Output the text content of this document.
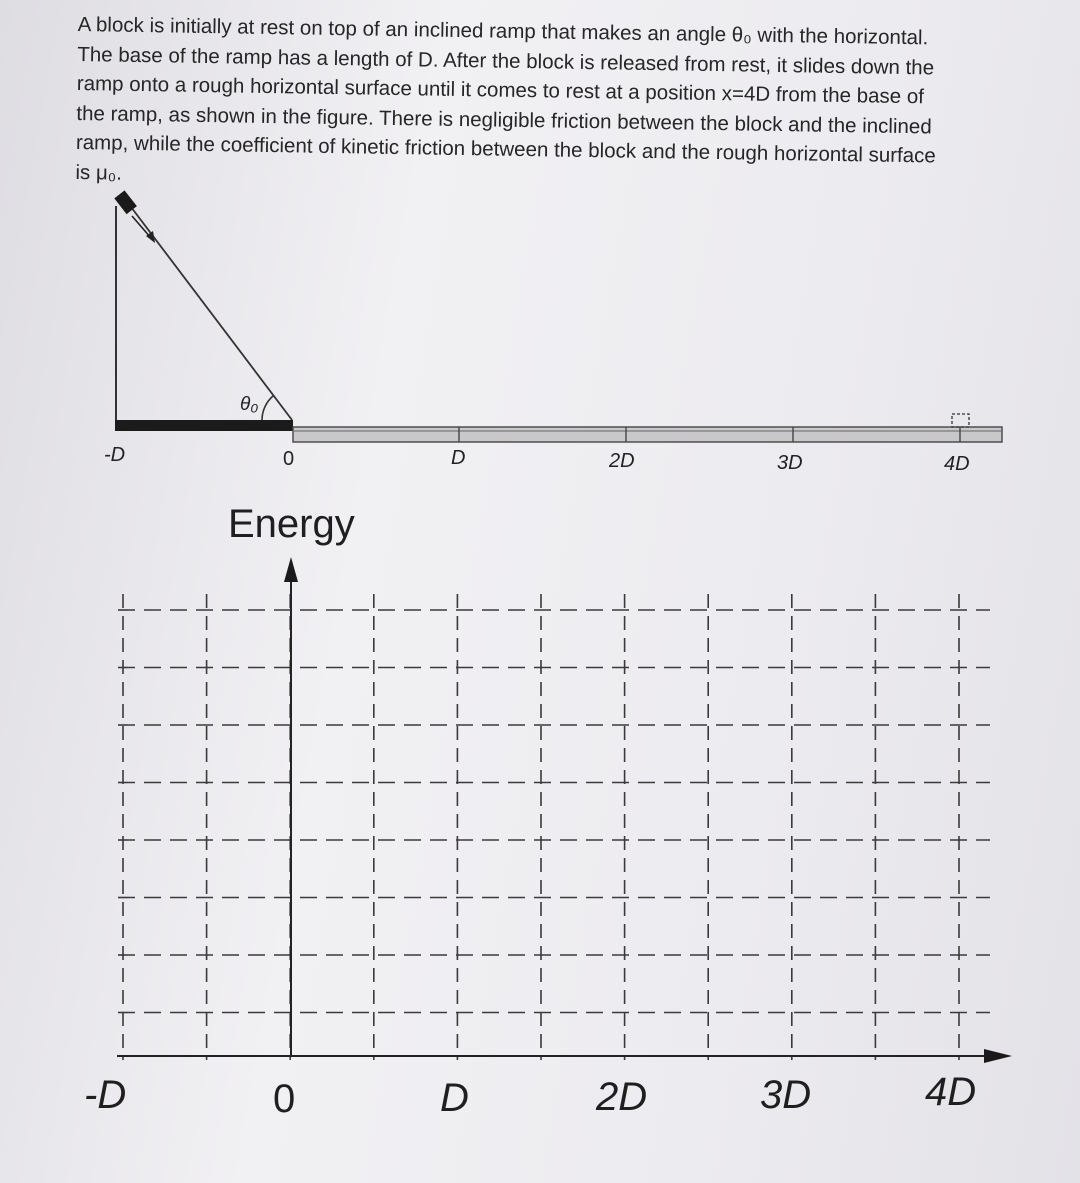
A block is initially at rest on top of an inclined ramp that makes an angle θ₀ with the horizontal.

The base of the ramp has a length of D. After the block is released from rest, it slides down the

ramp onto a rough horizontal surface until it comes to rest at a position x=4D from the base of

the ramp, as shown in the figure. There is negligible friction between the block and the inclined

ramp, while the coefficient of kinetic friction between the block and the rough horizontal surface

is μ₀.

θ₀
-D	0	D	2D	3D	4D
Energy
-D	0	D	2D	3D	4D
